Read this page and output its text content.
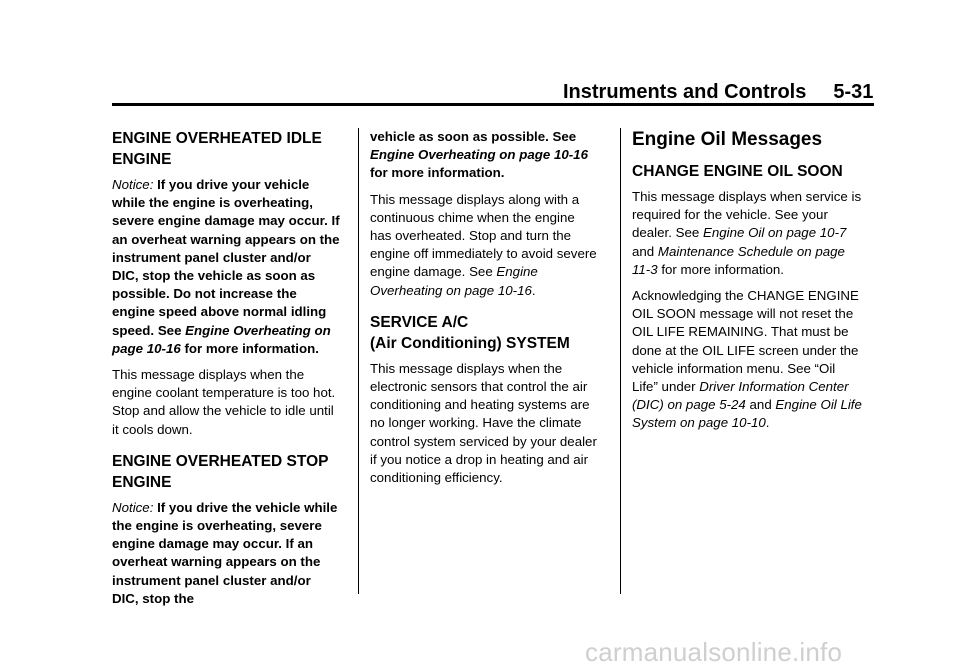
Instruments and Controls 5-31
ENGINE OVERHEATED IDLE ENGINE

Notice: If you drive your vehicle while the engine is overheating, severe engine damage may occur. If an overheat warning appears on the instrument panel cluster and/or DIC, stop the vehicle as soon as possible. Do not increase the engine speed above normal idling speed. See Engine Overheating on page 10-16 for more information.

This message displays when the engine coolant temperature is too hot. Stop and allow the vehicle to idle until it cools down.

ENGINE OVERHEATED STOP ENGINE

Notice: If you drive the vehicle while the engine is overheating, severe engine damage may occur. If an overheat warning appears on the instrument panel cluster and/or DIC, stop the

vehicle as soon as possible. See Engine Overheating on page 10-16 for more information.

This message displays along with a continuous chime when the engine has overheated. Stop and turn the engine off immediately to avoid severe engine damage. See Engine Overheating on page 10-16.

SERVICE A/C
(Air Conditioning) SYSTEM

This message displays when the electronic sensors that control the air conditioning and heating systems are no longer working. Have the climate control system serviced by your dealer if you notice a drop in heating and air conditioning efficiency.

Engine Oil Messages
CHANGE ENGINE OIL SOON

This message displays when service is required for the vehicle. See your dealer. See Engine Oil on page 10-7 and Maintenance Schedule on page 11-3 for more information.

Acknowledging the CHANGE ENGINE OIL SOON message will not reset the OIL LIFE REMAINING. That must be done at the OIL LIFE screen under the vehicle information menu. See “Oil Life” under Driver Information Center (DIC) on page 5-24 and Engine Oil Life System on page 10-10.

carmanualsonline.info
